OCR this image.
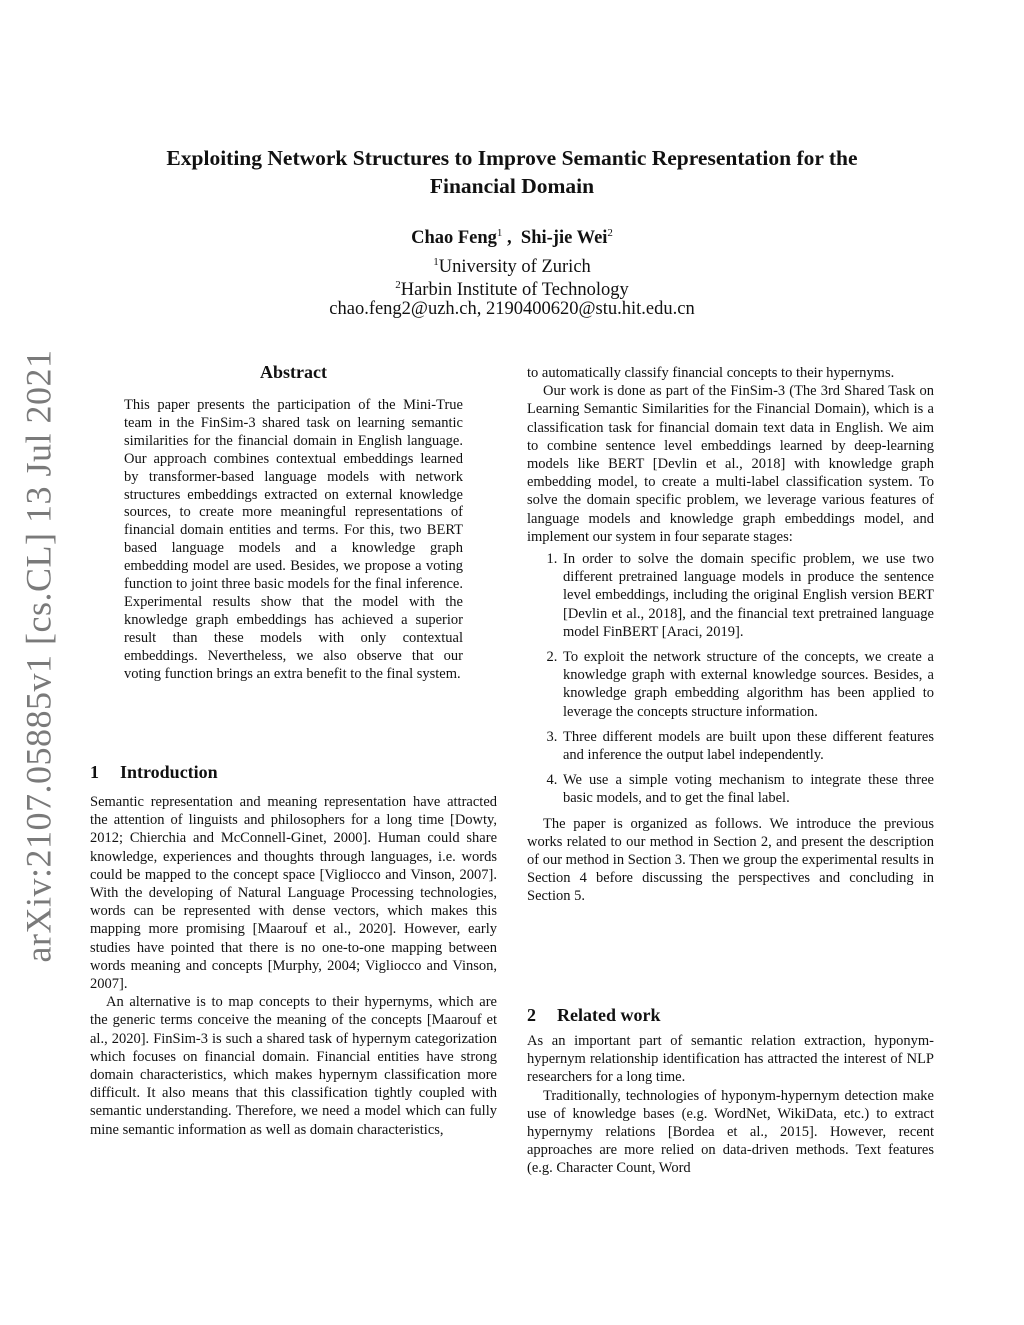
arXiv:2107.05885v1 [cs.CL] 13 Jul 2021
Exploiting Network Structures to Improve Semantic Representation for the
Financial Domain
Chao Feng$^1$ ,  Shi-jie Wei$^2$
$^1$University of Zurich
$^2$Harbin Institute of Technology
chao.feng2@uzh.ch, 2190400620@stu.hit.edu.cn
Abstract

This paper presents the participation of the Mini-True team in the FinSim-3 shared task on learning semantic similarities for the financial domain in English language. Our approach combines contextual embeddings learned by transformer-based language models with network structures embeddings extracted on external knowledge sources, to create more meaningful representations of financial domain entities and terms. For this, two BERT based language models and a knowledge graph embedding model are used. Besides, we propose a voting function to joint three basic models for the final inference. Experimental results show that the model with the knowledge graph embeddings has achieved a superior result than these models with only contextual embeddings. Nevertheless, we also observe that our voting function brings an extra benefit to the final system.

1 Introduction

Semantic representation and meaning representation have attracted the attention of linguists and philosophers for a long time [Dowty, 2012; Chierchia and McConnell-Ginet, 2000]. Human could share knowledge, experiences and thoughts through languages, i.e. words could be mapped to the concept space [Vigliocco and Vinson, 2007]. With the developing of Natural Language Processing technologies, words can be represented with dense vectors, which makes this mapping more promising [Maarouf et al., 2020]. However, early studies have pointed that there is no one-to-one mapping between words meaning and concepts [Murphy, 2004; Vigliocco and Vinson, 2007].

An alternative is to map concepts to their hypernyms, which are the generic terms conceive the meaning of the concepts [Maarouf et al., 2020]. FinSim-3 is such a shared task of hypernym categorization which focuses on financial domain. Financial entities have strong domain characteristics, which makes hypernym classification more difficult. It also means that this classification tightly coupled with semantic understanding. Therefore, we need a model which can fully mine semantic information as well as domain characteristics,

to automatically classify financial concepts to their hypernyms.

Our work is done as part of the FinSim-3 (The 3rd Shared Task on Learning Semantic Similarities for the Financial Domain), which is a classification task for financial domain text data in English. We aim to combine sentence level embeddings learned by deep-learning models like BERT [Devlin et al., 2018] with knowledge graph embedding model, to create a multi-label classification system. To solve the domain specific problem, we leverage various features of language models and knowledge graph embeddings model, and implement our system in four separate stages:

1. In order to solve the domain specific problem, we use two different pretrained language models in produce the sentence level embeddings, including the original English version BERT [Devlin et al., 2018], and the financial text pretrained language model FinBERT [Araci, 2019].
2. To exploit the network structure of the concepts, we create a knowledge graph with external knowledge sources. Besides, a knowledge graph embedding algorithm has been applied to leverage the concepts structure information.
3. Three different models are built upon these different features and inference the output label independently.
4. We use a simple voting mechanism to integrate these three basic models, and to get the final label.

The paper is organized as follows. We introduce the previous works related to our method in Section 2, and present the description of our method in Section 3. Then we group the experimental results in Section 4 before discussing the perspectives and concluding in Section 5.

2 Related work

As an important part of semantic relation extraction, hyponym-hypernym relationship identification has attracted the interest of NLP researchers for a long time.

Traditionally, technologies of hyponym-hypernym detection make use of knowledge bases (e.g. WordNet, WikiData, etc.) to extract hypernymy relations [Bordea et al., 2015]. However, recent approaches are more relied on data-driven methods. Text features (e.g. Character Count, Word
